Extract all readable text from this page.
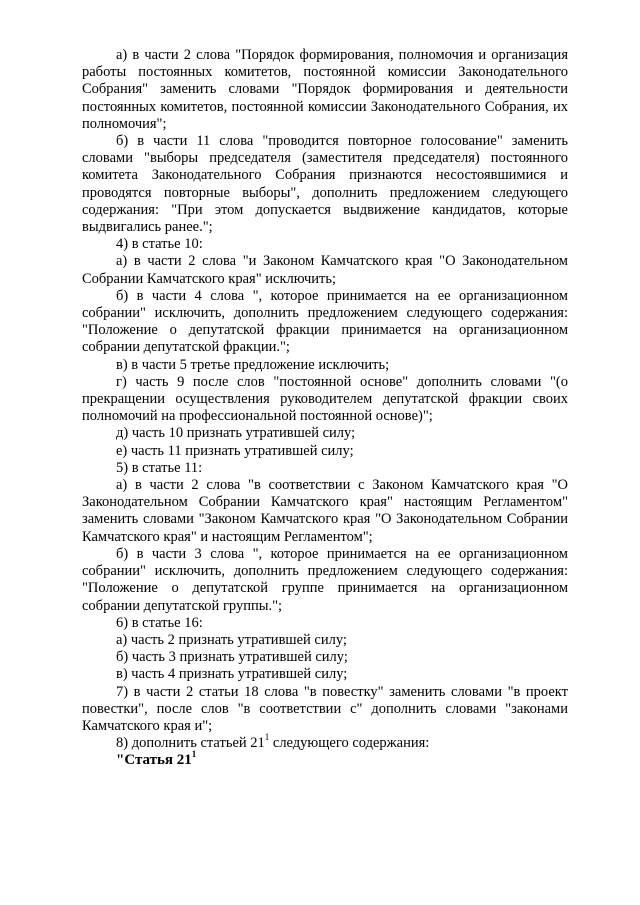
а) в части 2 слова "Порядок формирования, полномочия и организация работы постоянных комитетов, постоянной комиссии Законодательного Собрания" заменить словами "Порядок формирования и деятельности постоянных комитетов, постоянной комиссии Законодательного Собрания, их полномочия";

б) в части 11 слова "проводится повторное голосование" заменить словами "выборы председателя (заместителя председателя) постоянного комитета Законодательного Собрания признаются несостоявшимися и проводятся повторные выборы", дополнить предложением следующего содержания: "При этом допускается выдвижение кандидатов, которые выдвигались ранее.";

4) в статье 10:

а) в части 2 слова "и Законом Камчатского края "О Законодательном Собрании Камчатского края" исключить;

б) в части 4 слова ", которое принимается на ее организационном собрании" исключить, дополнить предложением следующего содержания: "Положение о депутатской фракции принимается на организационном собрании депутатской фракции.";

в) в части 5 третье предложение исключить;

г) часть 9 после слов "постоянной основе" дополнить словами "(о прекращении осуществления руководителем депутатской фракции своих полномочий на профессиональной постоянной основе)";

д) часть 10 признать утратившей силу;

е) часть 11 признать утратившей силу;

5) в статье 11:

а) в части 2 слова "в соответствии с Законом Камчатского края "О Законодательном Собрании Камчатского края" настоящим Регламентом" заменить словами "Законом Камчатского края "О Законодательном Собрании Камчатского края" и настоящим Регламентом";

б) в части 3 слова ", которое принимается на ее организационном собрании" исключить, дополнить предложением следующего содержания: "Положение о депутатской группе принимается на организационном собрании депутатской группы.";

6) в статье 16:

а) часть 2 признать утратившей силу;

б) часть 3 признать утратившей силу;

в) часть 4 признать утратившей силу;

7) в части 2 статьи 18 слова "в повестку" заменить словами "в проект повестки", после слов "в соответствии с" дополнить словами "законами Камчатского края и";

8) дополнить статьей $21^1$ следующего содержания:

"Статья $21^1$
